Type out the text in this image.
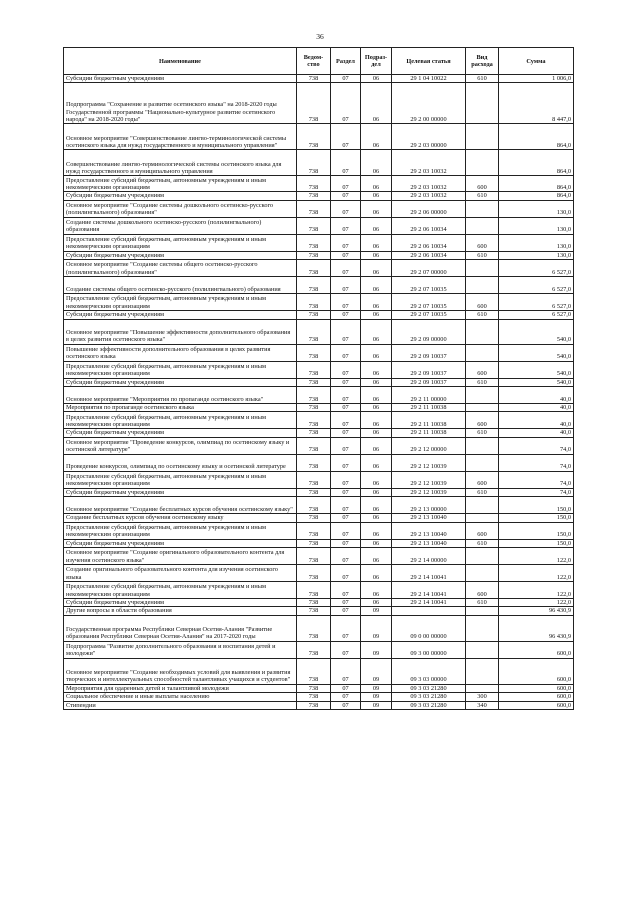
36
Наименование	Ведом-ство	Раздел	Подраз-дел	Целевая статья	Вид расхода	Сумма
Субсидии бюджетным учреждениям	738	07	06	29 1 04 10022	610	1 006,0
Подпрограмма "Сохранение и развитие осетинского языка" на 2018-2020 годы Государственной программы "Национально-культурное развитие осетинского народа" на 2018-2020 годы"	738	07	06	29 2 00 00000		8 447,0
Основное мероприятие "Совершенствование лингво-терминологической системы осетинского языка для нужд государственного и муниципального управления"	738	07	06	29 2 03 00000		864,0
Совершенствование лингво-терминологической системы осетинского языка для нужд государственного и муниципального управления	738	07	06	29 2 03 10032		864,0
Предоставление субсидий бюджетным, автономным учреждениям и иным некоммерческим организациям	738	07	06	29 2 03 10032	600	864,0
Субсидии бюджетным учреждениям	738	07	06	29 2 03 10032	610	864,0
Основное мероприятие "Создание системы дошкольного осетинско-русского (полилингвального) образования"	738	07	06	29 2 06 00000		130,0
Создание системы дошкольного осетинско-русского (полилингвального) образования	738	07	06	29 2 06 10034		130,0
Предоставление субсидий бюджетным, автономным учреждениям и иным некоммерческим организациям	738	07	06	29 2 06 10034	600	130,0
Субсидии бюджетным учреждениям	738	07	06	29 2 06 10034	610	130,0
Основное мероприятие "Создание системы общего осетинско-русского (полилингвального) образования"	738	07	06	29 2 07 00000		6 527,0
Создание системы общего осетинско-русского (полилингвального) образования	738	07	06	29 2 07 10035		6 527,0
Предоставление субсидий бюджетным, автономным учреждениям и иным некоммерческим организациям	738	07	06	29 2 07 10035	600	6 527,0
Субсидии бюджетным учреждениям	738	07	06	29 2 07 10035	610	6 527,0
Основное мероприятие "Повышение эффективности дополнительного образования в целях развития осетинского языка"	738	07	06	29 2 09 00000		540,0
Повышение эффективности дополнительного образования в целях развития осетинского языка	738	07	06	29 2 09 10037		540,0
Предоставление субсидий бюджетным, автономным учреждениям и иным некоммерческим организациям	738	07	06	29 2 09 10037	600	540,0
Субсидии бюджетным учреждениям	738	07	06	29 2 09 10037	610	540,0
Основное мероприятие "Мероприятия по пропаганде осетинского языка"	738	07	06	29 2 11 00000		40,0
Мероприятия по пропаганде осетинского языка	738	07	06	29 2 11 10038		40,0
Предоставление субсидий бюджетным, автономным учреждениям и иным некоммерческим организациям	738	07	06	29 2 11 10038	600	40,0
Субсидии бюджетным учреждениям	738	07	06	29 2 11 10038	610	40,0
Основное мероприятие "Проведение конкурсов, олимпиад по осетинскому языку и осетинской литературе"	738	07	06	29 2 12 00000		74,0
Проведение конкурсов, олимпиад по осетинскому языку и осетинской литературе	738	07	06	29 2 12 10039		74,0
Предоставление субсидий бюджетным, автономным учреждениям и иным некоммерческим организациям	738	07	06	29 2 12 10039	600	74,0
Субсидии бюджетным учреждениям	738	07	06	29 2 12 10039	610	74,0
Основное мероприятие "Создание бесплатных курсов обучения осетинскому языку"	738	07	06	29 2 13 00000		150,0
Создание бесплатных курсов обучения осетинскому языку	738	07	06	29 2 13 10040		150,0
Предоставление субсидий бюджетным, автономным учреждениям и иным некоммерческим организациям	738	07	06	29 2 13 10040	600	150,0
Субсидии бюджетным учреждениям	738	07	06	29 2 13 10040	610	150,0
Основное мероприятие "Создание оригинального образовательного контента для изучения осетинского языка"	738	07	06	29 2 14 00000		122,0
Создание оригинального образовательного контента для изучения осетинского языка	738	07	06	29 2 14 10041		122,0
Предоставление субсидий бюджетным, автономным учреждениям и иным некоммерческим организациям	738	07	06	29 2 14 10041	600	122,0
Субсидии бюджетным учреждениям	738	07	06	29 2 14 10041	610	122,0
Другие вопросы в области образования	738	07	09			96 430,9
Государственная программа Республики Северная Осетия-Алания "Развитие образования Республики Северная Осетия-Алания" на 2017-2020 годы	738	07	09	09 0 00 00000		96 430,9
Подпрограмма "Развитие дополнительного образования и воспитания детей и молодежи"	738	07	09	09 3 00 00000		600,0
Основное мероприятие "Создание необходимых условий для выявления и развития творческих и интеллектуальных способностей талантливых учащихся и студентов"	738	07	09	09 3 03 00000		600,0
Мероприятия для одаренных детей и талантливой молодежи	738	07	09	09 3 03 21280		600,0
Социальное обеспечение и иные выплаты населению	738	07	09	09 3 03 21280	300	600,0
Стипендии	738	07	09	09 3 03 21280	340	600,0
